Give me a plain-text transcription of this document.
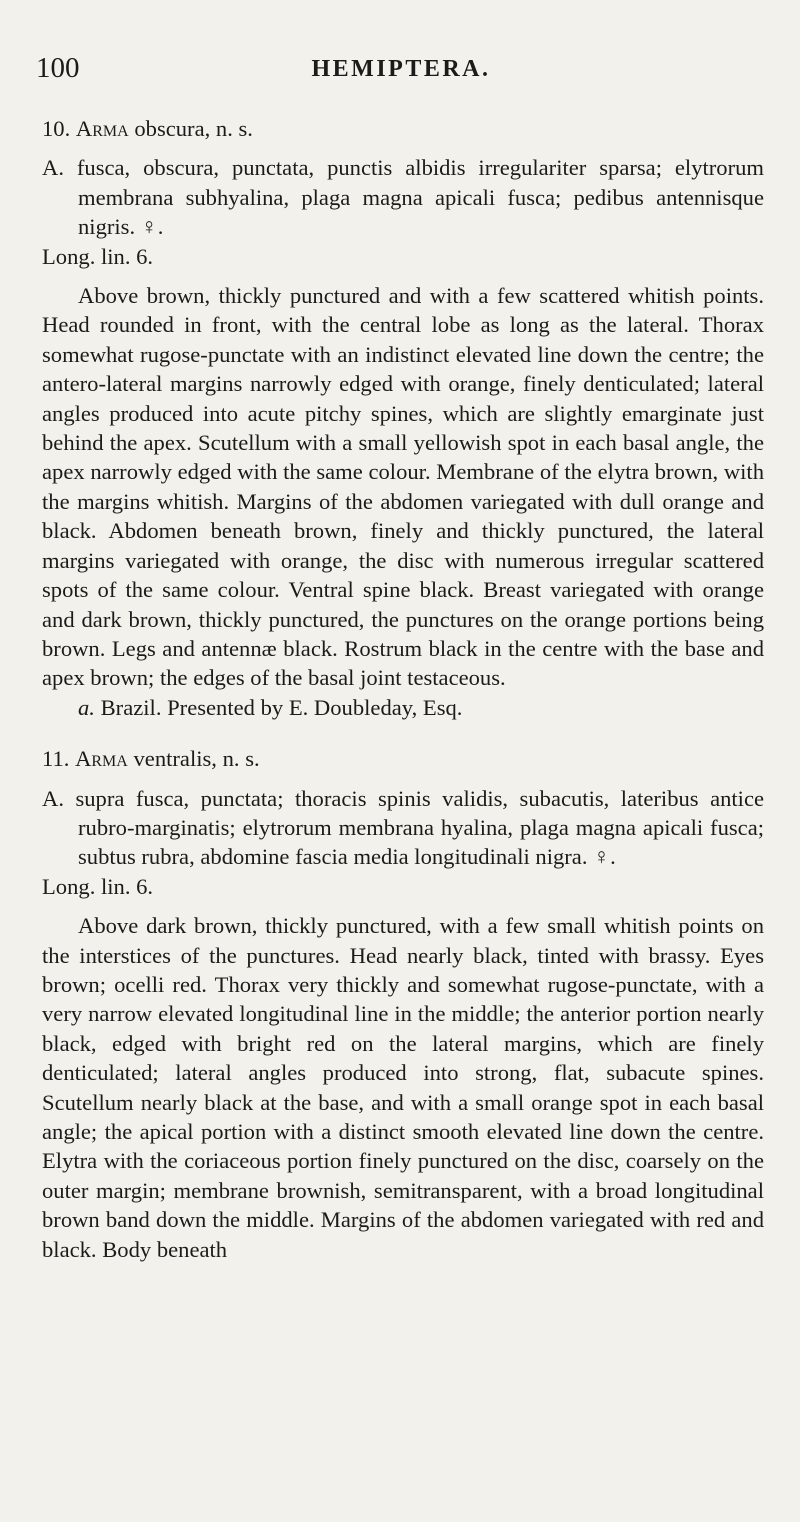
100	HEMIPTERA.

10. Arma obscura, n. s.

A. fusca, obscura, punctata, punctis albidis irregulariter sparsa; elytrorum membrana subhyalina, plaga magna apicali fusca; pedibus antennisque nigris. ♀.

Long. lin. 6.

Above brown, thickly punctured and with a few scattered whitish points. Head rounded in front, with the central lobe as long as the lateral. Thorax somewhat rugose-punctate with an indistinct elevated line down the centre; the antero-lateral margins narrowly edged with orange, finely denticulated; lateral angles produced into acute pitchy spines, which are slightly emarginate just behind the apex. Scutellum with a small yellowish spot in each basal angle, the apex narrowly edged with the same colour. Membrane of the elytra brown, with the margins whitish. Margins of the abdomen variegated with dull orange and black. Abdomen beneath brown, finely and thickly punctured, the lateral margins variegated with orange, the disc with numerous irregular scattered spots of the same colour. Ventral spine black. Breast variegated with orange and dark brown, thickly punctured, the punctures on the orange portions being brown. Legs and antennæ black. Rostrum black in the centre with the base and apex brown; the edges of the basal joint testaceous.

a. Brazil. Presented by E. Doubleday, Esq.

11. Arma ventralis, n. s.

A. supra fusca, punctata; thoracis spinis validis, subacutis, lateribus antice rubro-marginatis; elytrorum membrana hyalina, plaga magna apicali fusca; subtus rubra, abdomine fascia media longitudinali nigra. ♀.

Long. lin. 6.

Above dark brown, thickly punctured, with a few small whitish points on the interstices of the punctures. Head nearly black, tinted with brassy. Eyes brown; ocelli red. Thorax very thickly and somewhat rugose-punctate, with a very narrow elevated longitudinal line in the middle; the anterior portion nearly black, edged with bright red on the lateral margins, which are finely denticulated; lateral angles produced into strong, flat, subacute spines. Scutellum nearly black at the base, and with a small orange spot in each basal angle; the apical portion with a distinct smooth elevated line down the centre. Elytra with the coriaceous portion finely punctured on the disc, coarsely on the outer margin; membrane brownish, semitransparent, with a broad longitudinal brown band down the middle. Margins of the abdomen variegated with red and black. Body beneath
